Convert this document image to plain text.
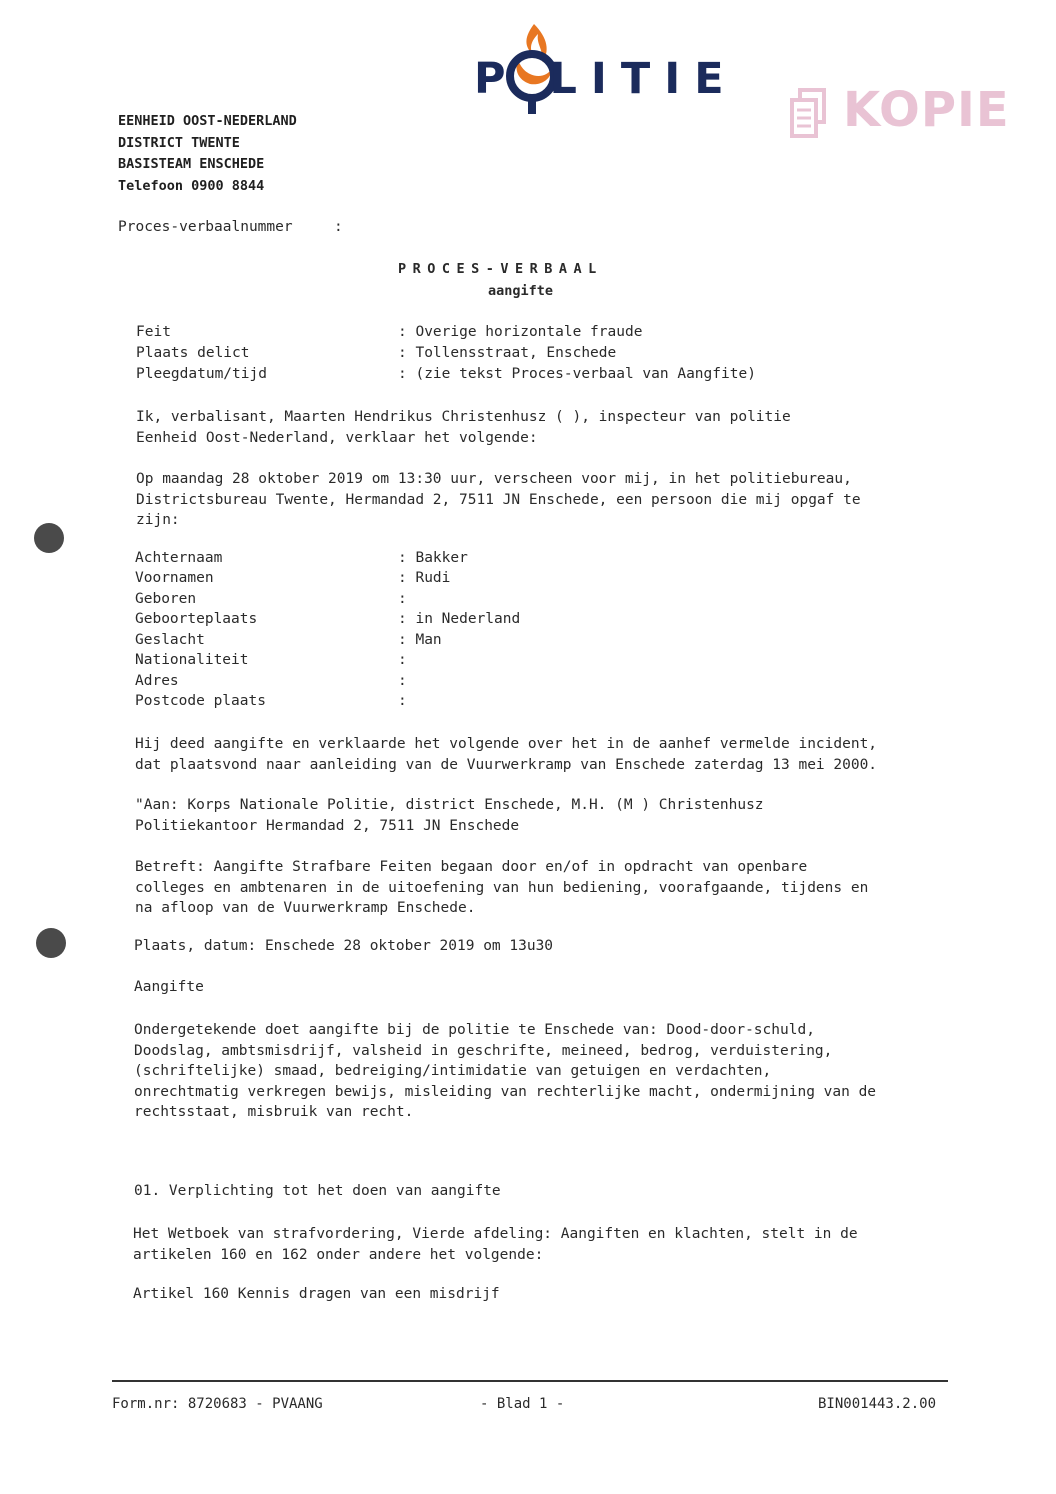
P LITIE
KOPIE
EENHEID OOST-NEDERLAND
DISTRICT TWENTE
BASISTEAM ENSCHEDE
Telefoon 0900 8844
Proces-verbaalnummer	:
PROCES-VERBAAL
aangifte
Feit	: Overige horizontale fraude
Plaats delict	: Tollensstraat, Enschede
Pleegdatum/tijd	: (zie tekst Proces-verbaal van Aangfite)
Ik, verbalisant, Maarten Hendrikus Christenhusz ( ), inspecteur van politie
Eenheid Oost-Nederland, verklaar het volgende:
Op maandag 28 oktober 2019 om 13:30 uur, verscheen voor mij, in het politiebureau,
Districtsbureau Twente, Hermandad 2, 7511 JN Enschede, een persoon die mij opgaf te
zijn:
Achternaam	: Bakker
Voornamen	: Rudi
Geboren	:
Geboorteplaats	: in Nederland
Geslacht	: Man
Nationaliteit	:
Adres	:
Postcode plaats	:
Hij deed aangifte en verklaarde het volgende over het in de aanhef vermelde incident,
dat plaatsvond naar aanleiding van de Vuurwerkramp van Enschede zaterdag 13 mei 2000.
"Aan: Korps Nationale Politie, district Enschede, M.H. (M ) Christenhusz
Politiekantoor Hermandad 2, 7511 JN Enschede
Betreft: Aangifte Strafbare Feiten begaan door en/of in opdracht van openbare
colleges en ambtenaren in de uitoefening van hun bediening, voorafgaande, tijdens en
na afloop van de Vuurwerkramp Enschede.
Plaats, datum: Enschede 28 oktober 2019 om 13u30
Aangifte
Ondergetekende doet aangifte bij de politie te Enschede van: Dood-door-schuld,
Doodslag, ambtsmisdrijf, valsheid in geschrifte, meineed, bedrog, verduistering,
(schriftelijke) smaad, bedreiging/intimidatie van getuigen en verdachten,
onrechtmatig verkregen bewijs, misleiding van rechterlijke macht, ondermijning van de
rechtsstaat, misbruik van recht.
01. Verplichting tot het doen van aangifte
Het Wetboek van strafvordering, Vierde afdeling: Aangiften en klachten, stelt in de
artikelen 160 en 162 onder andere het volgende:
Artikel 160 Kennis dragen van een misdrijf
Form.nr: 8720683 - PVAANG	- Blad 1 -	BIN001443.2.00
